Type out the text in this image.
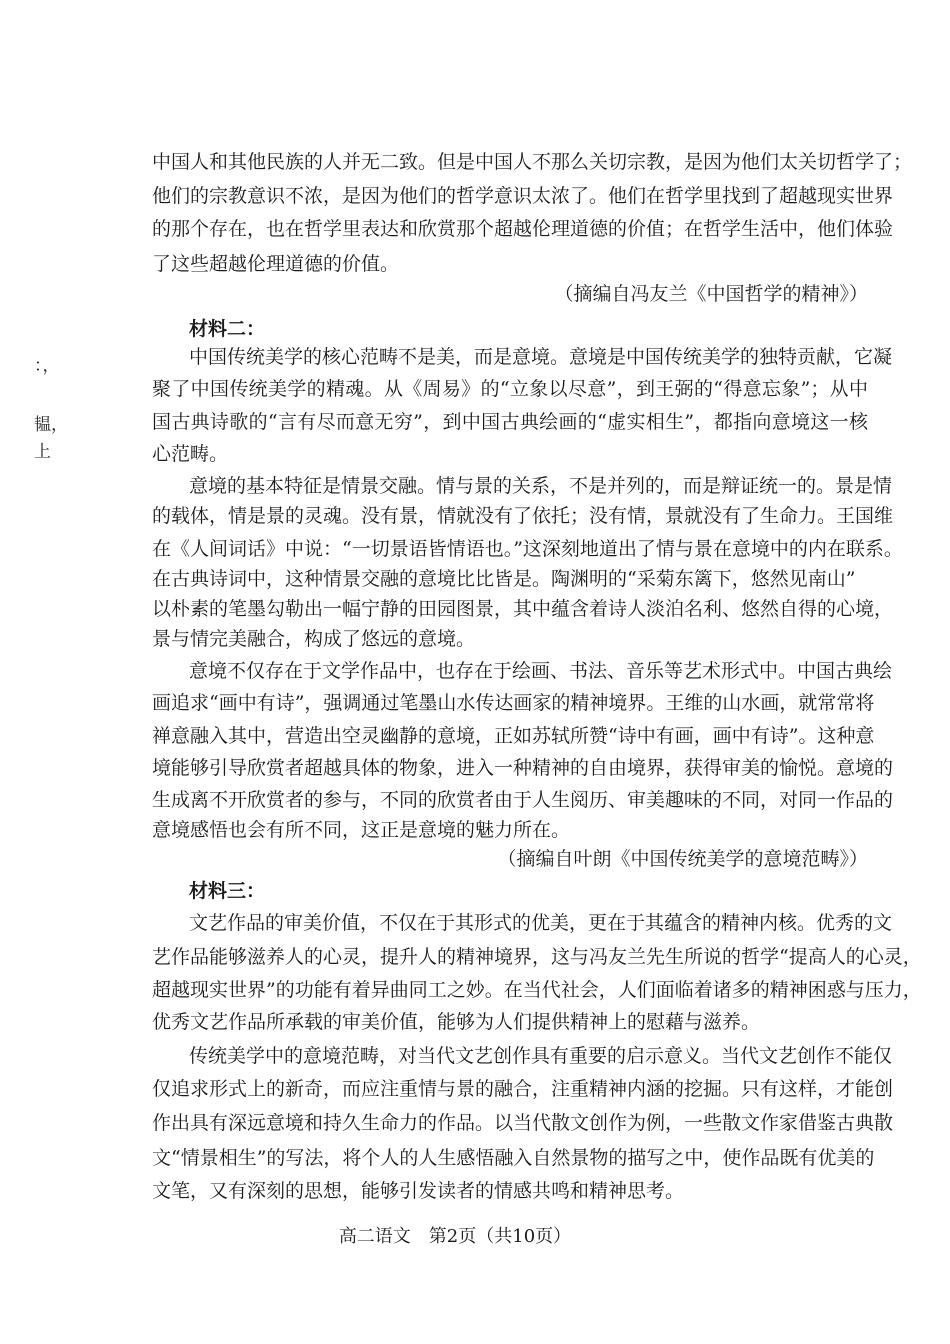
：，
韫，
上
中国人和其他民族的人并无二致。但是中国人不那么关切宗教，是因为他们太关切哲学了；
他们的宗教意识不浓，是因为他们的哲学意识太浓了。他们在哲学里找到了超越现实世界
的那个存在，也在哲学里表达和欣赏那个超越伦理道德的价值；在哲学生活中，他们体验
了这些超越伦理道德的价值。
（摘编自冯友兰《中国哲学的精神》）
材料二：
中国传统美学的核心范畴不是美，而是意境。意境是中国传统美学的独特贡献，它凝
聚了中国传统美学的精魂。从《周易》的“立象以尽意”，到王弼的“得意忘象”；从中
国古典诗歌的“言有尽而意无穷”，到中国古典绘画的“虚实相生”，都指向意境这一核
心范畴。
意境的基本特征是情景交融。情与景的关系，不是并列的，而是辩证统一的。景是情
的载体，情是景的灵魂。没有景，情就没有了依托；没有情，景就没有了生命力。王国维
在《人间词话》中说：“一切景语皆情语也。”这深刻地道出了情与景在意境中的内在联系。
在古典诗词中，这种情景交融的意境比比皆是。陶渊明的“采菊东篱下，悠然见南山”
以朴素的笔墨勾勒出一幅宁静的田园图景，其中蕴含着诗人淡泊名利、悠然自得的心境，
景与情完美融合，构成了悠远的意境。
意境不仅存在于文学作品中，也存在于绘画、书法、音乐等艺术形式中。中国古典绘
画追求“画中有诗”，强调通过笔墨山水传达画家的精神境界。王维的山水画，就常常将
禅意融入其中，营造出空灵幽静的意境，正如苏轼所赞“诗中有画，画中有诗”。这种意
境能够引导欣赏者超越具体的物象，进入一种精神的自由境界，获得审美的愉悦。意境的
生成离不开欣赏者的参与，不同的欣赏者由于人生阅历、审美趣味的不同，对同一作品的
意境感悟也会有所不同，这正是意境的魅力所在。
（摘编自叶朗《中国传统美学的意境范畴》）
材料三：
文艺作品的审美价值，不仅在于其形式的优美，更在于其蕴含的精神内核。优秀的文
艺作品能够滋养人的心灵，提升人的精神境界，这与冯友兰先生所说的哲学“提高人的心灵，
超越现实世界”的功能有着异曲同工之妙。在当代社会，人们面临着诸多的精神困惑与压力，
优秀文艺作品所承载的审美价值，能够为人们提供精神上的慰藉与滋养。
传统美学中的意境范畴，对当代文艺创作具有重要的启示意义。当代文艺创作不能仅
仅追求形式上的新奇，而应注重情与景的融合，注重精神内涵的挖掘。只有这样，才能创
作出具有深远意境和持久生命力的作品。以当代散文创作为例，一些散文作家借鉴古典散
文“情景相生”的写法，将个人的人生感悟融入自然景物的描写之中，使作品既有优美的
文笔，又有深刻的思想，能够引发读者的情感共鸣和精神思考。
高二语文　第2页（共10页）
